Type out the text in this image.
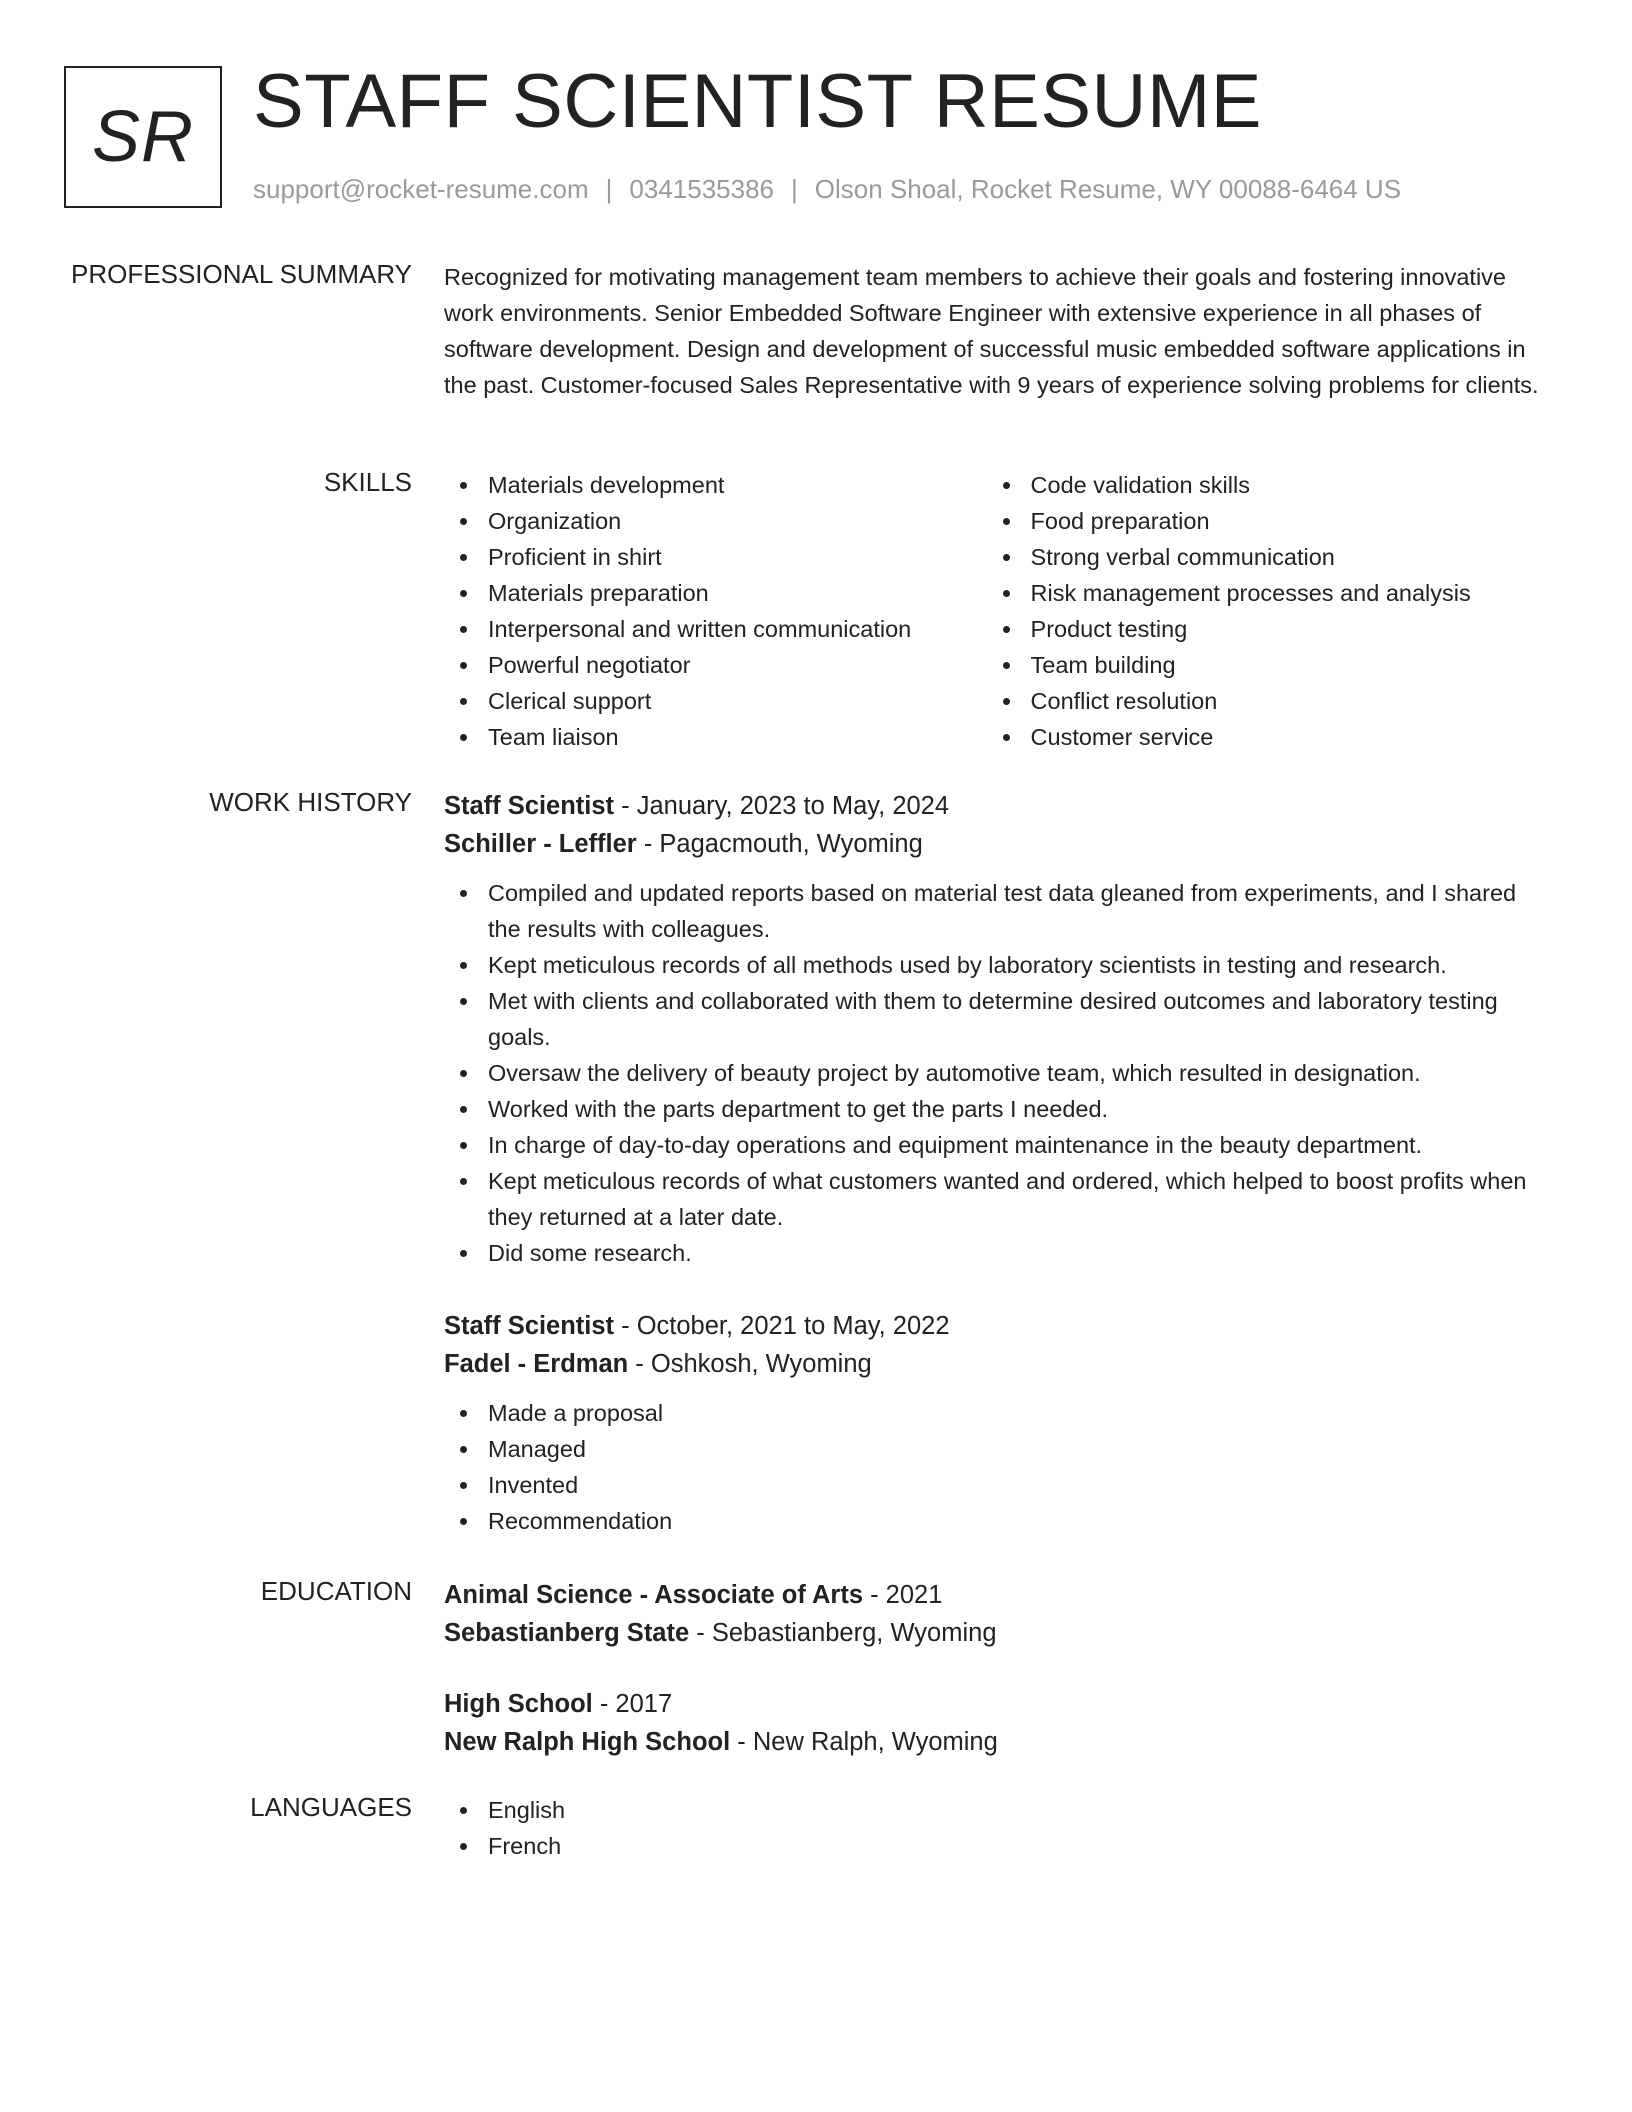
SR STAFF SCIENTIST RESUME
support@rocket-resume.com | 0341535386 | Olson Shoal, Rocket Resume, WY 00088-6464 US
PROFESSIONAL SUMMARY Recognized for motivating management team members to achieve their goals and fostering innovative work environments. Senior Embedded Software Engineer with extensive experience in all phases of software development. Design and development of successful music embedded software applications in the past. Customer-focused Sales Representative with 9 years of experience solving problems for clients.
SKILLS	Materials development
Organization
Proficient in shirt
Materials preparation
Interpersonal and written communication
Powerful negotiator
Clerical support
Team liaison
Code validation skills
Food preparation
Strong verbal communication
Risk management processes and analysis
Product testing
Team building
Conflict resolution
Customer service
WORK HISTORY Staff Scientist - January, 2023 to May, 2024
Schiller - Leffler - Pagacmouth, Wyoming
Compiled and updated reports based on material test data gleaned from experiments, and I shared the results with colleagues.
Kept meticulous records of all methods used by laboratory scientists in testing and research.
Met with clients and collaborated with them to determine desired outcomes and laboratory testing goals.
Oversaw the delivery of beauty project by automotive team, which resulted in designation.
Worked with the parts department to get the parts I needed.
In charge of day-to-day operations and equipment maintenance in the beauty department.
Kept meticulous records of what customers wanted and ordered, which helped to boost profits when they returned at a later date.
Did some research.
Staff Scientist - October, 2021 to May, 2022
Fadel - Erdman - Oshkosh, Wyoming
Made a proposal
Managed
Invented
Recommendation
EDUCATION Animal Science - Associate of Arts - 2021
Sebastianberg State - Sebastianberg, Wyoming
High School - 2017
New Ralph High School - New Ralph, Wyoming
LANGUAGES	English
French
